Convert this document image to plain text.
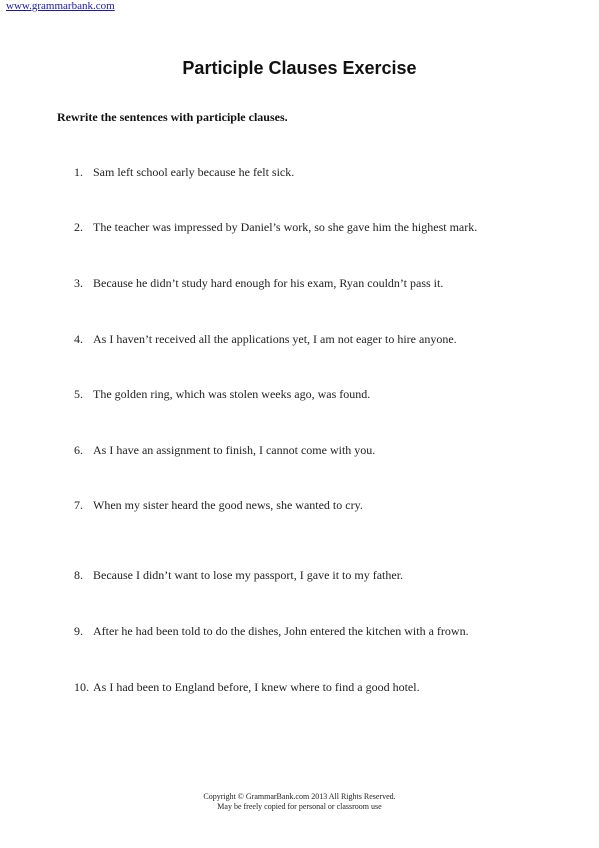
www.grammarbank.com
Participle Clauses Exercise
Rewrite the sentences with participle clauses.
1. Sam left school early because he felt sick.
2. The teacher was impressed by Daniel’s work, so she gave him the highest mark.
3. Because he didn’t study hard enough for his exam, Ryan couldn’t pass it.
4. As I haven’t received all the applications yet, I am not eager to hire anyone.
5. The golden ring, which was stolen weeks ago, was found.
6. As I have an assignment to finish, I cannot come with you.
7. When my sister heard the good news, she wanted to cry.
8. Because I didn’t want to lose my passport, I gave it to my father.
9. After he had been told to do the dishes, John entered the kitchen with a frown.
10. As I had been to England before, I knew where to find a good hotel.
Copyright © GrammarBank.com 2013 All Rights Reserved.
May be freely copied for personal or classroom use
